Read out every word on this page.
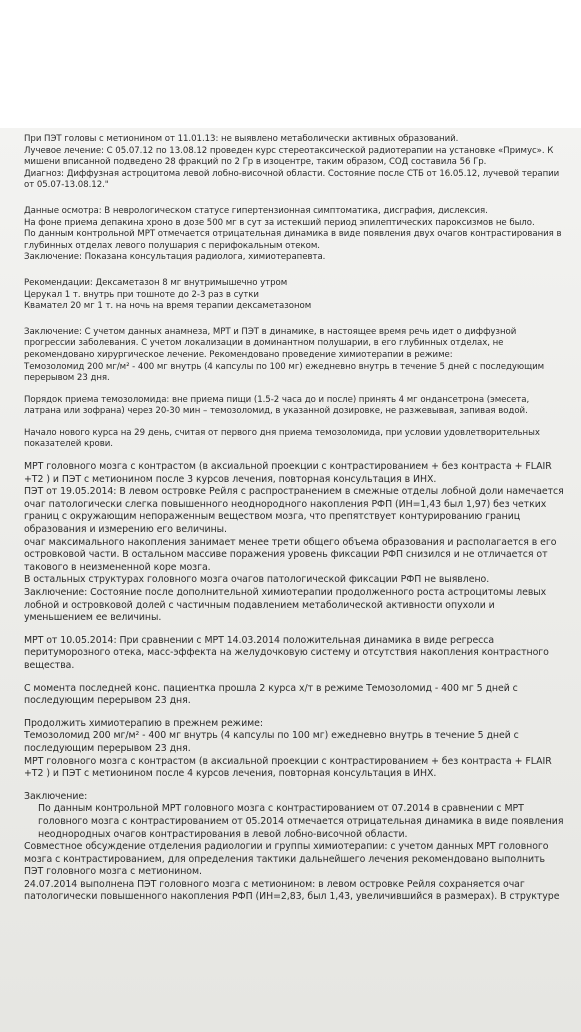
При ПЭТ головы с метионином от 11.01.13: не выявлено метаболически активных образований.

Лучевое лечение: С 05.07.12 по 13.08.12 проведен курс стереотаксической радиотерапии на установке «Примус». К мишени вписанной подведено 28 фракций по 2 Гр в изоцентре, таким образом, СОД составила 56 Гр.

Диагноз: Диффузная астроцитома левой лобно-височной области. Состояние после СТБ от 16.05.12, лучевой терапии от 05.07-13.08.12."

Данные осмотра: В неврологическом статусе гипертензионная симптоматика, дисграфия, дислексия.

На фоне приема депакина хроно в дозе 500 мг в сут за истекший период эпилептических пароксизмов не было.

По данным контрольной МРТ отмечается отрицательная динамика в виде появления двух очагов контрастирования в глубинных отделах левого полушария с перифокальным отеком.

Заключение: Показана консультация радиолога, химиотерапевта.

Рекомендации: Дексаметазон 8 мг внутримышечно утром

Церукал 1 т. внутрь при тошноте до 2-3 раз в сутки

Квамател 20 мг 1 т. на ночь на время терапии дексаметазоном

Заключение: С учетом данных анамнеза, МРТ и ПЭТ в динамике, в настоящее время речь идет о диффузной прогрессии заболевания. С учетом локализации в доминантном полушарии, в его глубинных отделах, не рекомендовано хирургическое лечение. Рекомендовано проведение химиотерапии в режиме:

Темозоломид 200 мг/м² - 400 мг внутрь (4 капсулы по 100 мг) ежедневно внутрь в течение 5 дней с последующим перерывом 23 дня.

Порядок приема темозоломида: вне приема пищи (1.5-2 часа до и после) принять 4 мг ондансетрона (эмесета, латрана или зофрана) через 20-30 мин – темозоломид, в указанной дозировке, не разжевывая, запивая водой.

Начало нового курса на 29 день, считая от первого дня приема темозоломида, при условии удовлетворительных показателей крови.

МРТ головного мозга с контрастом (в аксиальной проекции с контрастированием + без контраста + FLAIR +T2 ) и ПЭТ с метионином после 3 курсов лечения, повторная консультация в ИНХ.

ПЭТ от 19.05.2014: В левом островке Рейля с распространением в смежные отделы лобной доли намечается очаг патологически слегка повышенного неоднородного накопления РФП (ИН=1,43 был 1,97) без четких границ с окружающим непораженным веществом мозга, что препятствует контурированию границ образования и измерению его величины.

очаг максимального накопления занимает менее трети общего объема образования и располагается в его островковой части. В остальном массиве поражения уровень фиксации РФП снизился и не отличается от такового в неизмененной коре мозга.

В остальных структурах головного мозга очагов патологической фиксации РФП не выявлено.

Заключение: Состояние после дополнительной химиотерапии продолженного роста астроцитомы левых лобной и островковой долей с частичным подавлением метаболической активности опухоли и уменьшением ее величины.

МРТ от 10.05.2014: При сравнении с МРТ 14.03.2014 положительная динамика в виде регресса перитуморозного отека, масс-эффекта на желудочковую систему и отсутствия накопления контрастного вещества.

С момента последней конс. пациентка прошла 2 курса х/т в режиме Темозоломид - 400 мг 5 дней с последующим перерывом 23 дня.

Продолжить химиотерапию в прежнем режиме:

Темозоломид 200 мг/м² - 400 мг внутрь (4 капсулы по 100 мг) ежедневно внутрь в течение 5 дней с последующим перерывом 23 дня.

МРТ головного мозга с контрастом (в аксиальной проекции с контрастированием + без контраста + FLAIR +T2 ) и ПЭТ с метионином после 4 курсов лечения, повторная консультация в ИНХ.

Заключение:

По данным контрольной МРТ головного мозга с контрастированием от 07.2014 в сравнении с МРТ головного мозга с контрастированием от 05.2014 отмечается отрицательная динамика в виде появления неоднородных очагов контрастирования в левой лобно-височной области.

Совместное обсуждение отделения радиологии и группы химиотерапии: с учетом данных МРТ головного мозга с контрастированием, для определения тактики дальнейшего лечения рекомендовано выполнить ПЭТ головного мозга с метионином.

24.07.2014 выполнена ПЭТ головного мозга с метионином: в левом островке Рейля сохраняется очаг патологически повышенного накопления РФП (ИН=2,83, был 1,43, увеличившийся в размерах). В структуре
